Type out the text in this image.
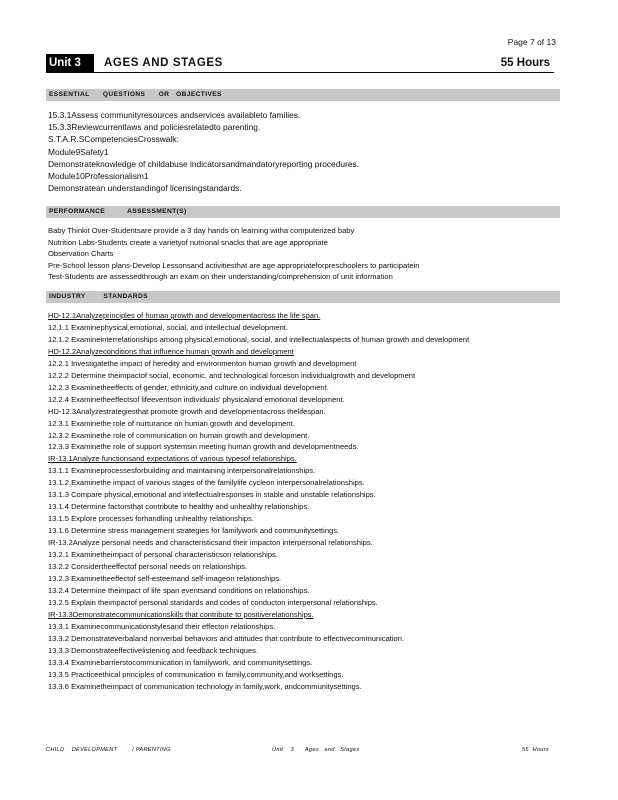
Page 7 of 13
Unit 3	AGES AND STAGES	55 Hours
ESSENTIAL      QUESTIONS      OR   OBJECTIVES
15.3.1Assess communityresources andservices availableto families.
15.3.3Reviewcurrentlaws and policiesrelatedto parenting.
S.T.A.R.SCompetenciesCrosswalk:
Module9Safety1
Demonstrateknowledge of childabuse indicatorsandmandatoryreporting procedures.
Module10Professionalism1
Demonstratean understandingof licensingstandards.
PERFORMANCE          ASSESSMENT(S)
Baby Thinkit Over-Studentsare provide a 3 day hands on learning witha computerized baby
Nutrition Labs-Students create a varietyof nutrional snacks that are age appropriate
Observation Charts
Pre-School lesson plans-Develop Lessonsand activitiesthat are age appropriateforpreschoolers to participatein
Test-Students are assessedthrough an exam on their understanding/comprehension of unit information
INDUSTRY        STANDARDS
HD-12.1Analyzeprinciples of human growth and developmentacross the life span.
12.1.1 Examinephysical,emotional, social, and intellectual development.
12.1.2 Examineinterrelationships among physical,emotional, social, and intellectualaspects of human growth and development
HD-12.2Analyzeconditions that influence human growth and development
12.2.1 Investigatethe impact of heredity and environmenton human growth and development
12.2.2 Determine theimpactof social, economic, and technological forceson individualgrowth and development
12.2.3 Examinetheeffects of gender, ethnicity,and culture on individual development.
12.2.4 Examinetheeffectsof lifeeventson individuals' physicaland emotional development.
HD-12.3Analyzestrategiesthat promote growth and developmentacross thelifespan.
12.3.1 Examinethe role of nurturance on human growth and development.
12.3.2 Examinethe role of communication on human growth and development.
12.3.3 Examinethe role of support systemsin meeting human growth and developmentneeds.
IR-13.1Analyze functionsand expectations of various typesof relationships.
13.1.1 Examineprocessesforbuilding and maintaining interpersonalrelationships.
13.1.2 Examinethe impact of various stages of the familylife cycleon interpersonalrelationships.
13.1.3 Compare physical,emotional and intellectualresponses in stable and unstable relationships.
13.1.4 Determine factorsthat contribute to healthy and unhealthy relationships.
13.1.5 Explore processes forhandling unhealthy relationships.
13.1.6 Determine stress management strategies for familywork and communitysettings.
IR-13.2Analyze personal needs and characteristicsand their impacton interpersonal relationships.
13.2.1 Examinetheimpact of personal characteristicson relationships.
13.2.2 Considertheeffectof personal needs on relationships.
13.2.3 Examinetheeffectof self-esteemand self-imageon relationships.
13.2.4 Determine theimpact of life span eventsand conditions on relationships.
13.2.5 Explain theimpactof personal standards and codes of conducton interpersonal relationships.
IR-13.3Demonstratecommunicationskills that contribute to positiverelationships.
13.3.1 Examinecommunicationstylesand their effecton relationships.
13.3.2 Demonstrateverbaland nonverbal behaviors and attitudes that contribute to effectivecommunication.
13.3.3 Demonstrateeffectivelistening and feedback techniques.
13.3.4 Examinebarrierstocommunication in familywork, and communitysettings.
13.3.5 Practiceethical principles of communication in family,community,and worksettings.
13.3.6 Examinetheimpact of communication technology in family,work, andcommunitysettings.
CHILD    DEVELOPMENT        / PARENTING	Unit    3      Ages   and   Stages	55  Hours
